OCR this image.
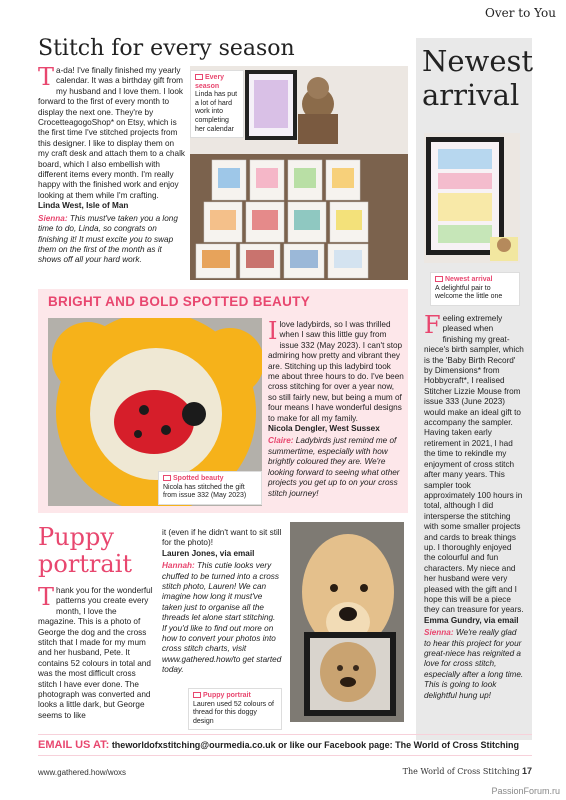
Over to You
Stitch for every season
T a-da! I've finally finished my yearly calendar. It was a birthday gift from my husband and I love them. I look forward to the first of every month to display the next one. They're by CrocetteagogoShop* on Etsy, which is the first time I've stitched projects from this designer. I like to display them on my craft desk and attach them to a chalk board, which I also embellish with different items every month. I'm really happy with the finished work and enjoy looking at them while I'm crafting.
Linda West, Isle of Man
Sienna: This must've taken you a long time to do, Linda, so congrats on finishing it! It must excite you to swap them on the first of the month as it shows off all your hard work.
Every season
Linda has put a lot of hard work into completing her calendar
Newest arrival
Newest arrival
A delightful pair to welcome the little one
F eeling extremely pleased when finishing my great-niece's birth sampler, which is the 'Baby Birth Record' by Dimensions* from Hobbycraft*, I realised Stitcher Lizzie Mouse from issue 333 (June 2023) would make an ideal gift to accompany the sampler. Having taken early retirement in 2021, I had the time to rekindle my enjoyment of cross stitch after many years. This sampler took approximately 100 hours in total, although I did intersperse the stitching with some smaller projects and cards to break things up. I thoroughly enjoyed the colourful and fun characters. My niece and her husband were very pleased with the gift and I hope this will be a piece they can treasure for years.
Emma Gundry, via email
Sienna: We're really glad to hear this project for your great-niece has reignited a love for cross stitch, especially after a long time. This is going to look delightful hung up!
BRIGHT AND BOLD SPOTTED BEAUTY
Spotted beauty
Nicola has stitched the gift from issue 332 (May 2023)
I love ladybirds, so I was thrilled when I saw this little guy from issue 332 (May 2023). I can't stop admiring how pretty and vibrant they are. Stitching up this ladybird took me about three hours to do. I've been cross stitching for over a year now, so still fairly new, but being a mum of four means I have wonderful designs to make for all my family.
Nicola Dengler, West Sussex
Claire: Ladybirds just remind me of summertime, especially with how brightly coloured they are. We're looking forward to seeing what other projects you get up to on your cross stitch journey!
Puppy
portrait
T hank you for the wonderful patterns you create every month, I love the magazine. This is a photo of George the dog and the cross stitch that I made for my mum and her husband, Pete. It contains 52 colours in total and was the most difficult cross stitch I have ever done. The photograph was converted and looks a little dark, but George seems to like
it (even if he didn't want to sit still for the photo)!
Lauren Jones, via email
Hannah: This cutie looks very chuffed to be turned into a cross stitch photo, Lauren! We can imagine how long it must've taken just to organise all the threads let alone start stitching. If you'd like to find out more on how to convert your photos into cross stitch charts, visit www.gathered.how/to get started today.
Puppy portrait
Lauren used 52 colours of thread for this doggy design
EMAIL US AT: theworldofxstitching@ourmedia.co.uk or like our Facebook page: The World of Cross Stitching
www.gathered.how/woxs	The World of Cross Stitching 17
PassionForum.ru
